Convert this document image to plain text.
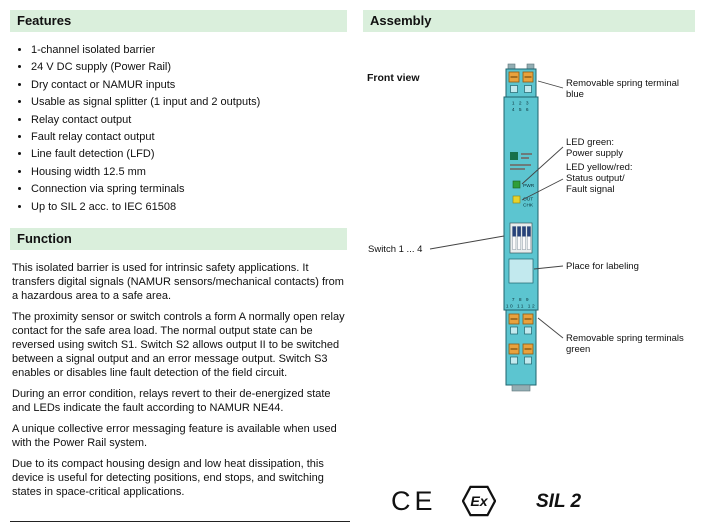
Features
• 1-channel isolated barrier
• 24 V DC supply (Power Rail)
• Dry contact or NAMUR inputs
• Usable as signal splitter (1 input and 2 outputs)
• Relay contact output
• Fault relay contact output
• Line fault detection (LFD)
• Housing width 12.5 mm
• Connection via spring terminals
• Up to SIL 2 acc. to IEC 61508
Function

This isolated barrier is used for intrinsic safety applications. It transfers digital signals (NAMUR sensors/mechanical contacts) from a hazardous area to a safe area.

The proximity sensor or switch controls a form A normally open relay contact for the safe area load. The normal output state can be reversed using switch S1. Switch S2 allows output II to be switched between a signal output and an error message output. Switch S3 enables or disables line fault detection of the field circuit.

During an error condition, relays revert to their de-energized state and LEDs indicate the fault according to NAMUR NE44.

A unique collective error messaging feature is available when used with the Power Rail system.

Due to its compact housing design and low heat dissipation, this device is useful for detecting positions, end stops, and switching states in space-critical applications.

Assembly
Front view
1 2 3
4 5 6
PWR
OUT
CHK
7 8 9
10 11 12
Removable spring terminal
blue
LED green:
Power supply
LED yellow/red:
Status output/
Fault signal
Switch 1 ... 4
Place for labeling
Removable spring terminals
green
CE Ex	SIL 2
